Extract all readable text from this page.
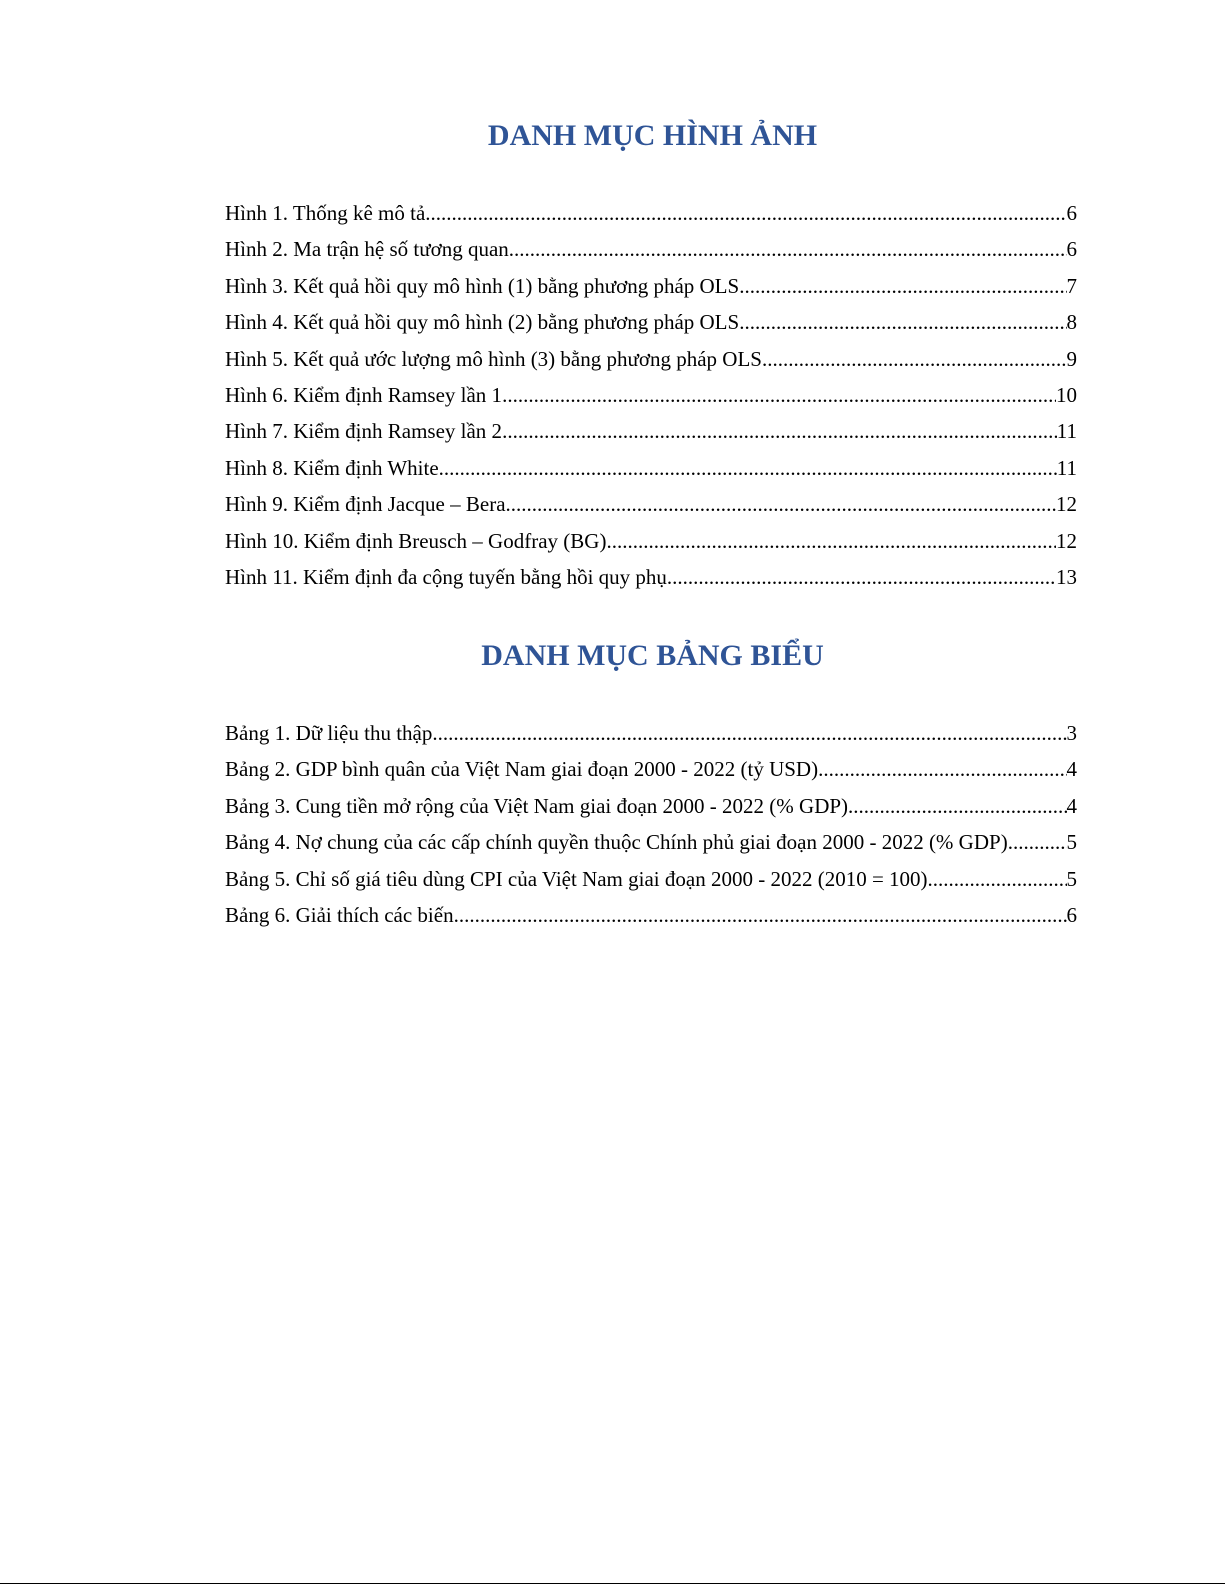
DANH MỤC HÌNH ẢNH
Hình 1. Thống kê mô tả .....	6
Hình 2. Ma trận hệ số tương quan .....	6
Hình 3. Kết quả hồi quy mô hình (1) bằng phương pháp OLS .....	7
Hình 4. Kết quả hồi quy mô hình (2) bằng phương pháp OLS .....	8
Hình 5. Kết quả ước lượng mô hình (3) bằng phương pháp OLS .....	9
Hình 6. Kiểm định Ramsey lần 1 .....	10
Hình 7. Kiểm định Ramsey lần 2 .....	11
Hình 8. Kiểm định White .....	11
Hình 9. Kiểm định Jacque – Bera .....	12
Hình 10. Kiểm định Breusch – Godfray (BG) .....	12
Hình 11. Kiểm định đa cộng tuyến bằng hồi quy phụ .....	13
DANH MỤC BẢNG BIỂU
Bảng 1. Dữ liệu thu thập .....	3
Bảng 2. GDP bình quân của Việt Nam giai đoạn 2000 - 2022 (tỷ USD) .....	4
Bảng 3. Cung tiền mở rộng của Việt Nam giai đoạn 2000 - 2022 (% GDP) .....	4
Bảng 4. Nợ chung của các cấp chính quyền thuộc Chính phủ giai đoạn 2000 - 2022 (% GDP) .....	5
Bảng 5. Chỉ số giá tiêu dùng CPI của Việt Nam giai đoạn 2000 - 2022 (2010 = 100) .....	5
Bảng 6. Giải thích các biến .....	6
